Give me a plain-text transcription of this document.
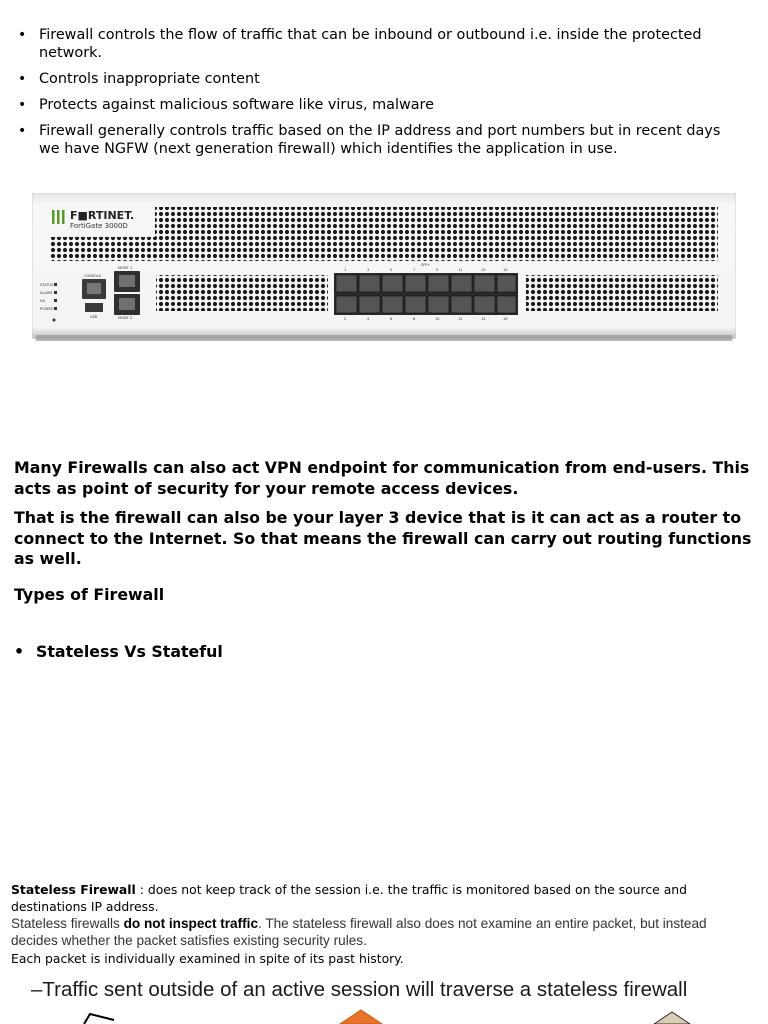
• Firewall controls the flow of traffic that can be inbound or outbound i.e. inside the protected network.
• Controls inappropriate content
• Protects against malicious software like virus, malware
• Firewall generally controls traffic based on the IP address and port numbers but in recent days we have NGFW (next generation firewall) which identifies the application in use.
F■RTINET.
FortiGate 3000D
STATUS
ALARM
HA
POWER
CONSOLE
USB
MGMT 1
MGMT 2
SFP+
1	3	5	7	9	11	13	15
2	4	6	8	10	12	14	16
Many Firewalls can also act VPN endpoint for communication from end-users. This acts as point of security for your remote access devices.
That is the firewall can also be your layer 3 device that is it can act as a router to connect to the Internet. So that means the firewall can carry out routing functions as well.
Types of Firewall
• Stateless Vs Stateful
Stateless Firewall : does not keep track of the session i.e. the traffic is monitored based on the source and destinations IP address.
Stateless firewalls do not inspect traffic. The stateless firewall also does not examine an entire packet, but instead decides whether the packet satisfies existing security rules.
Each packet is individually examined in spite of its past history.
–Traffic sent outside of an active session will traverse a stateless firewall
